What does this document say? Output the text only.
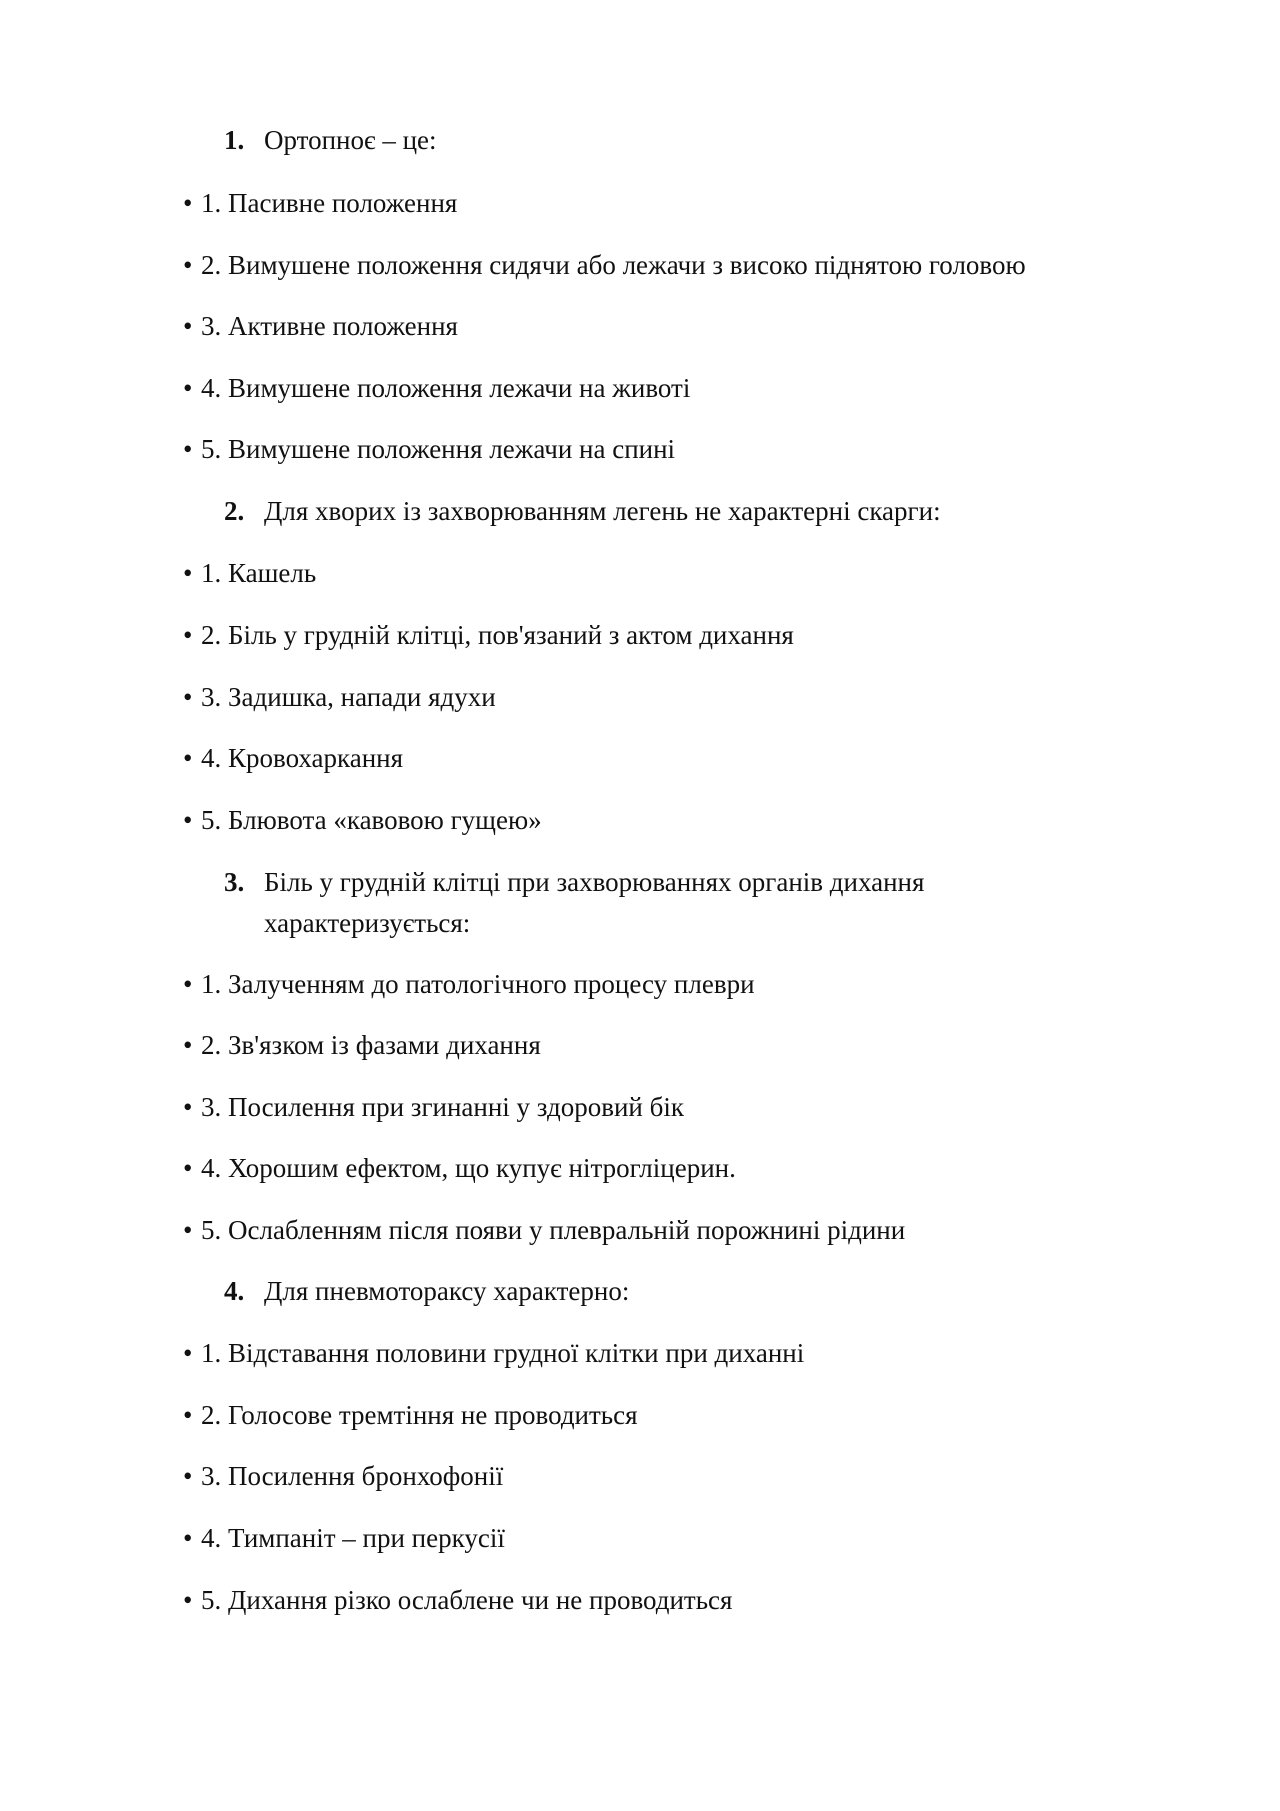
1. Ортопноє – це:
• 1. Пасивне положення
• 2. Вимушене положення сидячи або лежачи з високо піднятою головою
• 3. Активне положення
• 4. Вимушене положення лежачи на животі
• 5. Вимушене положення лежачи на спині
2. Для хворих із захворюванням легень не характерні скарги:
• 1. Кашель
• 2. Біль у грудній клітці, пов'язаний з актом дихання
• 3. Задишка, напади ядухи
• 4. Кровохаркання
• 5. Блювота «кавовою гущею»
3. Біль у грудній клітці при захворюваннях органів дихання характеризується:
• 1. Залученням до патологічного процесу плеври
• 2. Зв'язком із фазами дихання
• 3. Посилення при згинанні у здоровий бік
• 4. Хорошим ефектом, що купує нітрогліцерин.
• 5. Ослабленням після появи у плевральній порожнині рідини
4. Для пневмотораксу характерно:
• 1. Відставання половини грудної клітки при диханні
• 2. Голосове тремтіння не проводиться
• 3. Посилення бронхофонії
• 4. Тимпаніт – при перкусії
• 5. Дихання різко ослаблене чи не проводиться
